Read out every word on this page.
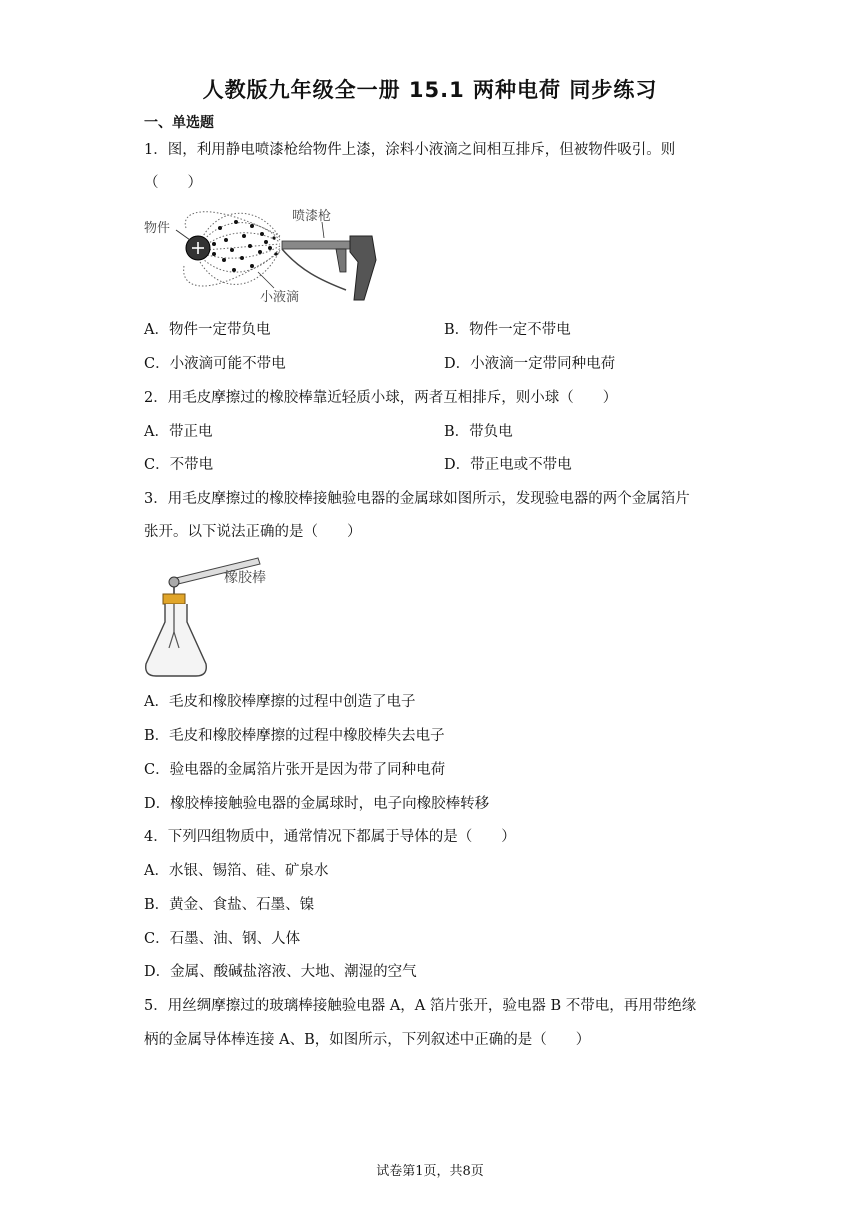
人教版九年级全一册 15.1 两种电荷 同步练习
一、单选题
1．图，利用静电喷漆枪给物件上漆，涂料小液滴之间相互排斥，但被物件吸引。则
（　　）
物件
喷漆枪
小液滴
A．物件一定带负电	B．物件一定不带电
C．小液滴可能不带电	D．小液滴一定带同种电荷
2．用毛皮摩擦过的橡胶棒靠近轻质小球，两者互相排斥，则小球（　　）
A．带正电	B．带负电
C．不带电	D．带正电或不带电
3．用毛皮摩擦过的橡胶棒接触验电器的金属球如图所示，发现验电器的两个金属箔片
张开。以下说法正确的是（　　）
橡胶棒
A．毛皮和橡胶棒摩擦的过程中创造了电子
B．毛皮和橡胶棒摩擦的过程中橡胶棒失去电子
C．验电器的金属箔片张开是因为带了同种电荷
D．橡胶棒接触验电器的金属球时，电子向橡胶棒转移
4．下列四组物质中，通常情况下都属于导体的是（　　）
A．水银、锡箔、硅、矿泉水
B．黄金、食盐、石墨、镍
C．石墨、油、钢、人体
D．金属、酸碱盐溶液、大地、潮湿的空气
5．用丝绸摩擦过的玻璃棒接触验电器 A，A 箔片张开，验电器 B 不带电，再用带绝缘
柄的金属导体棒连接 A、B，如图所示，下列叙述中正确的是（　　）
试卷第1页，共8页
